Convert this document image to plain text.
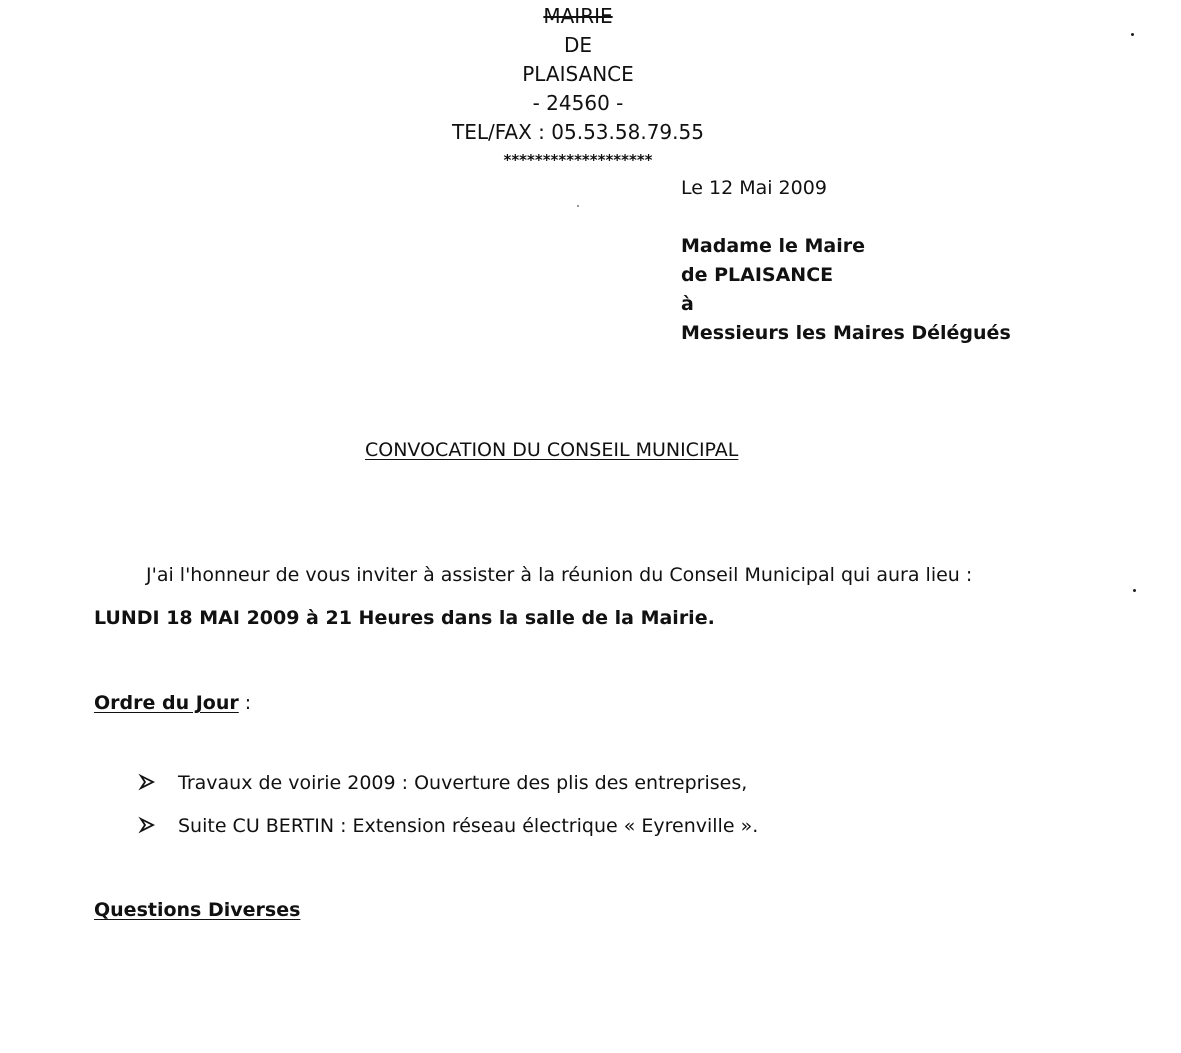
MAIRIE
DE
PLAISANCE
- 24560 -
TEL/FAX : 05.53.58.79.55
*******************
Le 12 Mai 2009
Madame le Maire
de PLAISANCE
à
Messieurs les Maires Délégués
CONVOCATION DU CONSEIL MUNICIPAL
J'ai l'honneur de vous inviter à assister à la réunion du Conseil Municipal qui aura lieu :
LUNDI 18 MAI 2009 à 21 Heures dans la salle de la Mairie.
Ordre du Jour :
Travaux de voirie 2009 : Ouverture des plis des entreprises,
Suite CU BERTIN : Extension réseau électrique « Eyrenville ».
Questions Diverses
